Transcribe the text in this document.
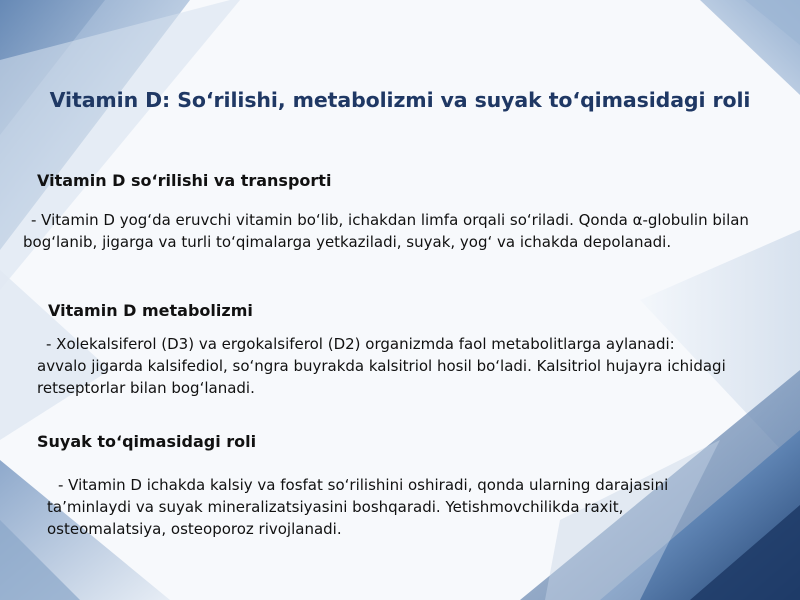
Vitamin D: So‘rilishi, metabolizmi va suyak to‘qimasidagi roli
Vitamin D so‘rilishi va transporti
- Vitamin D yog‘da eruvchi vitamin bo‘lib, ichakdan limfa orqali so‘riladi. Qonda α-globulin bilan bog‘lanib, jigarga va turli to‘qimalarga yetkaziladi, suyak, yog‘ va ichakda depolanadi.
Vitamin D metabolizmi
- Xolekalsiferol (D3) va ergokalsiferol (D2) organizmda faol metabolitlarga aylanadi: avvalo jigarda kalsifediol, so‘ngra buyrakda kalsitriol hosil bo‘ladi. Kalsitriol hujayra ichidagi retseptorlar bilan bog‘lanadi.
Suyak to‘qimasidagi roli
- Vitamin D ichakda kalsiy va fosfat so‘rilishini oshiradi, qonda ularning darajasini ta’minlaydi va suyak mineralizatsiyasini boshqaradi. Yetishmovchilikda raxit, osteomalatsiya, osteoporoz rivojlanadi.
